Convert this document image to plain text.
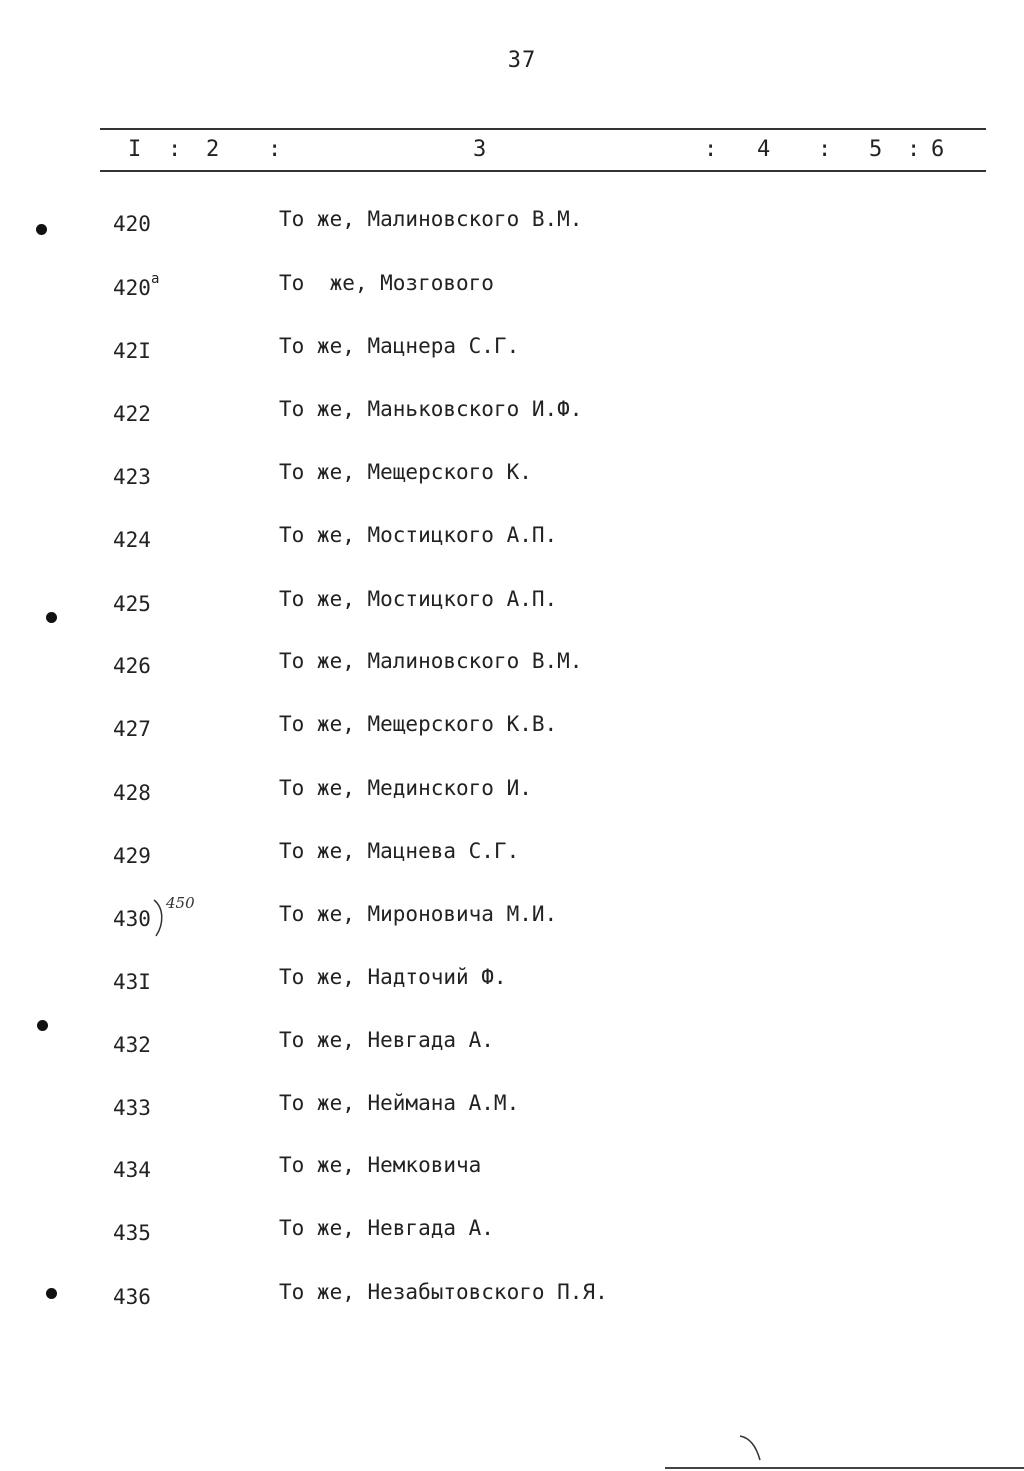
37
I : 2 :	3	: 4 : 5 : 6
420	То же, Малиновского В.М.
$420^а$	То  же, Мозгового
42I	То же, Мацнера С.Г.
422	То же, Маньковского И.Ф.
423	То же, Мещерского К.
424	То же, Мостицкого А.П.
425	То же, Мостицкого А.П.
426	То же, Малиновского В.М.
427	То же, Мещерского К.В.
428	То же, Мединского И.
429	То же, Мацнева С.Г.
430	То же, Мироновича М.И.
43I	То же, Надточий Ф.
432	То же, Невгада А.
433	То же, Неймана А.М.
434	То же, Немковича
435	То же, Невгада А.
436	То же, Незабытовского П.Я.
450
